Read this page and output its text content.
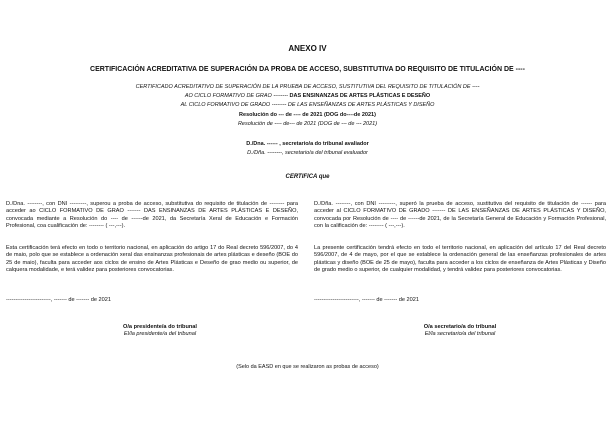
ANEXO IV
CERTIFICACIÓN ACREDITATIVA DE SUPERACIÓN DA PROBA DE ACCESO, SUBSTITUTIVA DO REQUISITO DE TITULACIÓN DE ----
CERTIFICADO ACREDITATIVO DE SUPERACIÓN DE LA PRUEBA DE ACCESO, SUSTITUTIVA DEL REQUISITO DE TITULACIÓN DE ----
AO CICLO FORMATIVO DE GRAO -------- DAS ENSINANZAS DE ARTES PLÁSTICAS E DESEÑO
AL CICLO FORMATIVO DE GRADO -------- DE LAS ENSEÑANZAS DE ARTES PLÁSTICAS Y DISEÑO
Resolución do --- de ---- de 2021 (DOG do----de 2021)
Resolución de ---- de--- de 2021 (DOG de --- de --- 2021)
D./Dna. ------ , secretario/a do tribunal avaliador
D./Dña. --------, secretario/a del tribunal evaluador
CERTIFICA que

D./Dna. --------, con DNI ---------, superou a proba de acceso, substitutiva do requisito de titulación de -------- para acceder ao CICLO FORMATIVO DE GRAO ------- DAS ENSINANZAS DE ARTES PLÁSTICAS E DESEÑO, convocada mediante a Resolución do ---- de ------de 2021, da Secretaría Xeral de Educación e Formación Profesional, coa cualificación de: -------- ( ---,---).

Esta certificación terá efecto en todo o territorio nacional, en aplicación do artigo 17 do Real decreto 596/2007, do 4 de maio, polo que se establece a ordenación xeral das ensinanzas profesionais de artes plásticas e deseño (BOE do 25 de maio), faculta para acceder aos ciclos de ensino de Artes Plásticas e Deseño de grao medio ou superior, de calquera modalidade, e terá validez para posteriores convocatorias.

------------------------, ------- de ------- de 2021

D./Dña. --------, con DNI ---------, superó la prueba de acceso, sustitutiva del requisito de titulación de ------ para acceder al CICLO FORMATIVO DE GRADO ------- DE LAS ENSEÑANZAS DE ARTES PLÁSTICAS Y DISEÑO, convocada por Resolución de ---- de ------de 2021, de la Secretaría General de Educación y Formación Profesional, con la calificación de: -------- ( ---,---).

La presente certificación tendrá efecto en todo el territorio nacional, en aplicación del artículo 17 del Real decreto 596/2007, de 4 de mayo, por el que se establece la ordenación general de las enseñanzas profesionales de artes plásticas y diseño (BOE de 25 de mayo), faculta para acceder a los ciclos de enseñanza de Artes Plásticas y Diseño de grado medio o superior, de cualquier modalidad, y tendrá validez para posteriores convocatorias.

------------------------, ------- de ------- de 2021

O/a presidente/a do tribunal
El/la presidente/a del tribunal
O/a secretario/a do tribunal
El/la secretario/a del tribunal
(Selo da EASD en que se realizaron as probas de acceso)
